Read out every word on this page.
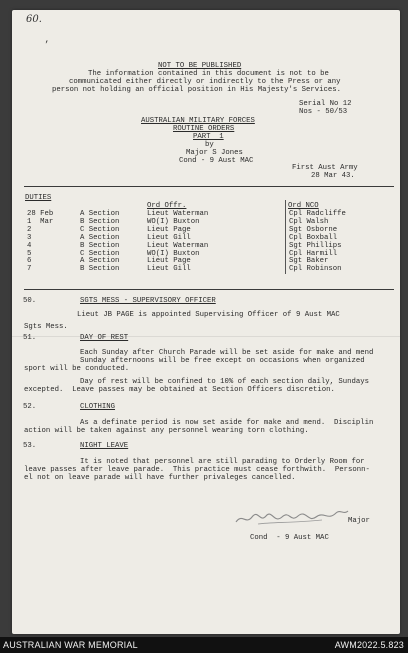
60.
’
NOT TO BE PUBLISHED
The information contained in this document is not to be
communicated either directly or indirectly to the Press or any
person not holding an official position in His Majesty's Services.
Serial No 12
Nos - 50/53
AUSTRALIAN MILITARY FORCES
ROUTINE ORDERS
PART  1
by
Major S Jones
Cond - 9 Aust MAC
First Aust Army
28 Mar 43.
DUTIES
Ord Offr.	Ord NCO
28 Feb	A Section	Lieut Waterman	Cpl Radcliffe
1  Mar	B Section	WO(I) Buxton	Cpl Walsh
2	C Section	Lieut Page	Sgt Osborne
3	A Section	Lieut Gill	Cpl Boxball
4	B Section	Lieut Waterman	Sgt Phillips
5	C Section	WO(I) Buxton	Cpl Harmill
6	A Section	Lieut Page	Sgt Baker
7	B Section	Lieut Gill	Cpl Robinson
50.	SGTS MESS - SUPERVISORY OFFICER
Lieut JB PAGE is appointed Supervising Officer of 9 Aust MAC
Sgts Mess.
51.	DAY OF REST
Each Sunday after Church Parade will be set aside for make and mend
Sunday afternoons will be free except on occasions when organized
sport will be conducted.
Day of rest will be confined to 10% of each section daily, Sundays
excepted.  Leave passes may be obtained at Section Officers discretion.
52.	CLOTHING
As a definate period is now set aside for make and mend.  Disciplin
action will be taken against any personnel wearing torn clothing.
53.	NIGHT LEAVE
It is noted that personnel are still parading to Orderly Room for
leave passes after leave parade.  This practice must cease forthwith.  Personn-
el not on leave parade will have further privaleges cancelled.
Major
Cond  - 9 Aust MAC
AUSTRALIAN WAR MEMORIAL	AWM2022.5.823
